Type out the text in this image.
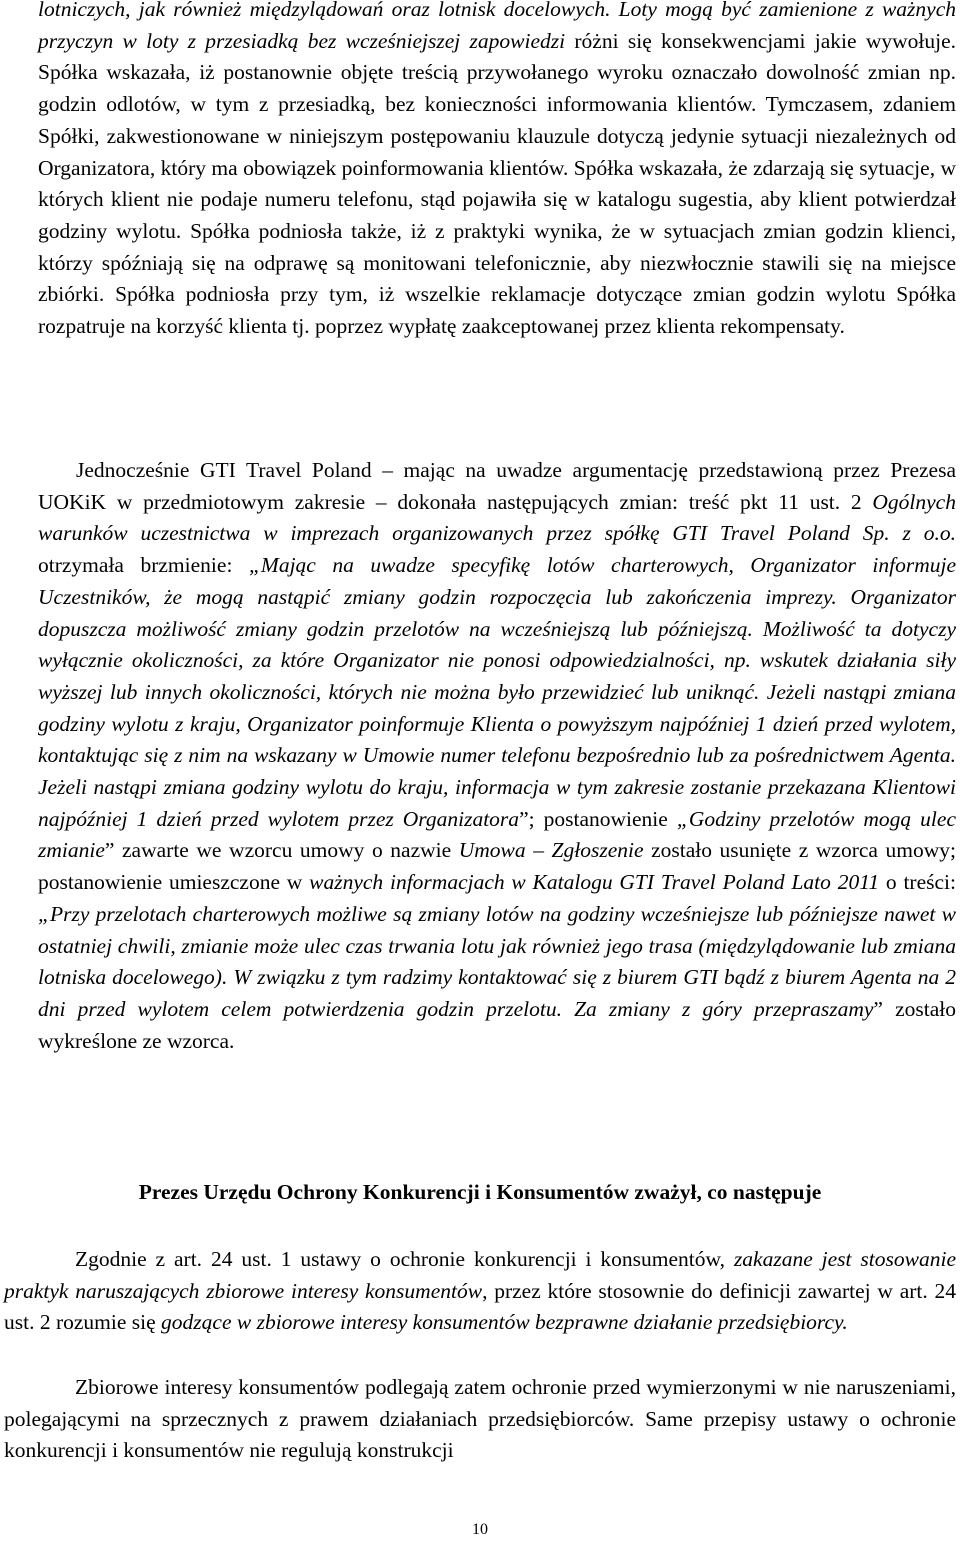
lotniczych, jak również międzylądowań oraz lotnisk docelowych. Loty mogą być zamienione z ważnych przyczyn w loty z przesiadką bez wcześniejszej zapowiedzi różni się konsekwencjami jakie wywołuje. Spółka wskazała, iż postanownie objęte treścią przywołanego wyroku oznaczało dowolność zmian np. godzin odlotów, w tym z przesiadką, bez konieczności informowania klientów. Tymczasem, zdaniem Spółki, zakwestionowane w niniejszym postępowaniu klauzule dotyczą jedynie sytuacji niezależnych od Organizatora, który ma obowiązek poinformowania klientów. Spółka wskazała, że zdarzają się sytuacje, w których klient nie podaje numeru telefonu, stąd pojawiła się w katalogu sugestia, aby klient potwierdzał godziny wylotu. Spółka podniosła także, iż z praktyki wynika, że w sytuacjach zmian godzin klienci, którzy spóźniają się na odprawę są monitowani telefonicznie, aby niezwłocznie stawili się na miejsce zbiórki. Spółka podniosła przy tym, iż wszelkie reklamacje dotyczące zmian godzin wylotu Spółka rozpatruje na korzyść klienta tj. poprzez wypłatę zaakceptowanej przez klienta rekompensaty.

Jednocześnie GTI Travel Poland – mając na uwadze argumentację przedstawioną przez Prezesa UOKiK w przedmiotowym zakresie – dokonała następujących zmian: treść pkt 11 ust. 2 Ogólnych warunków uczestnictwa w imprezach organizowanych przez spółkę GTI Travel Poland Sp. z o.o. otrzymała brzmienie: „Mając na uwadze specyfikę lotów charterowych, Organizator informuje Uczestników, że mogą nastąpić zmiany godzin rozpoczęcia lub zakończenia imprezy. Organizator dopuszcza możliwość zmiany godzin przelotów na wcześniejszą lub późniejszą. Możliwość ta dotyczy wyłącznie okoliczności, za które Organizator nie ponosi odpowiedzialności, np. wskutek działania siły wyższej lub innych okoliczności, których nie można było przewidzieć lub uniknąć. Jeżeli nastąpi zmiana godziny wylotu z kraju, Organizator poinformuje Klienta o powyższym najpóźniej 1 dzień przed wylotem, kontaktując się z nim na wskazany w Umowie numer telefonu bezpośrednio lub za pośrednictwem Agenta. Jeżeli nastąpi zmiana godziny wylotu do kraju, informacja w tym zakresie zostanie przekazana Klientowi najpóźniej 1 dzień przed wylotem przez Organizatora”; postanowienie „Godziny przelotów mogą ulec zmianie” zawarte we wzorcu umowy o nazwie Umowa – Zgłoszenie zostało usunięte z wzorca umowy; postanowienie umieszczone w ważnych informacjach w Katalogu GTI Travel Poland Lato 2011 o treści: „Przy przelotach charterowych możliwe są zmiany lotów na godziny wcześniejsze lub późniejsze nawet w ostatniej chwili, zmianie może ulec czas trwania lotu jak również jego trasa (międzylądowanie lub zmiana lotniska docelowego). W związku z tym radzimy kontaktować się z biurem GTI bądź z biurem Agenta na 2 dni przed wylotem celem potwierdzenia godzin przelotu. Za zmiany z góry przepraszamy” zostało wykreślone ze wzorca.

Prezes Urzędu Ochrony Konkurencji i Konsumentów zważył, co następuje

Zgodnie z art. 24 ust. 1 ustawy o ochronie konkurencji i konsumentów, zakazane jest stosowanie praktyk naruszających zbiorowe interesy konsumentów, przez które stosownie do definicji zawartej w art. 24 ust. 2 rozumie się godzące w zbiorowe interesy konsumentów bezprawne działanie przedsiębiorcy.

Zbiorowe interesy konsumentów podlegają zatem ochronie przed wymierzonymi w nie naruszeniami, polegającymi na sprzecznych z prawem działaniach przedsiębiorców. Same przepisy ustawy o ochronie konkurencji i konsumentów nie regulują konstrukcji

10
